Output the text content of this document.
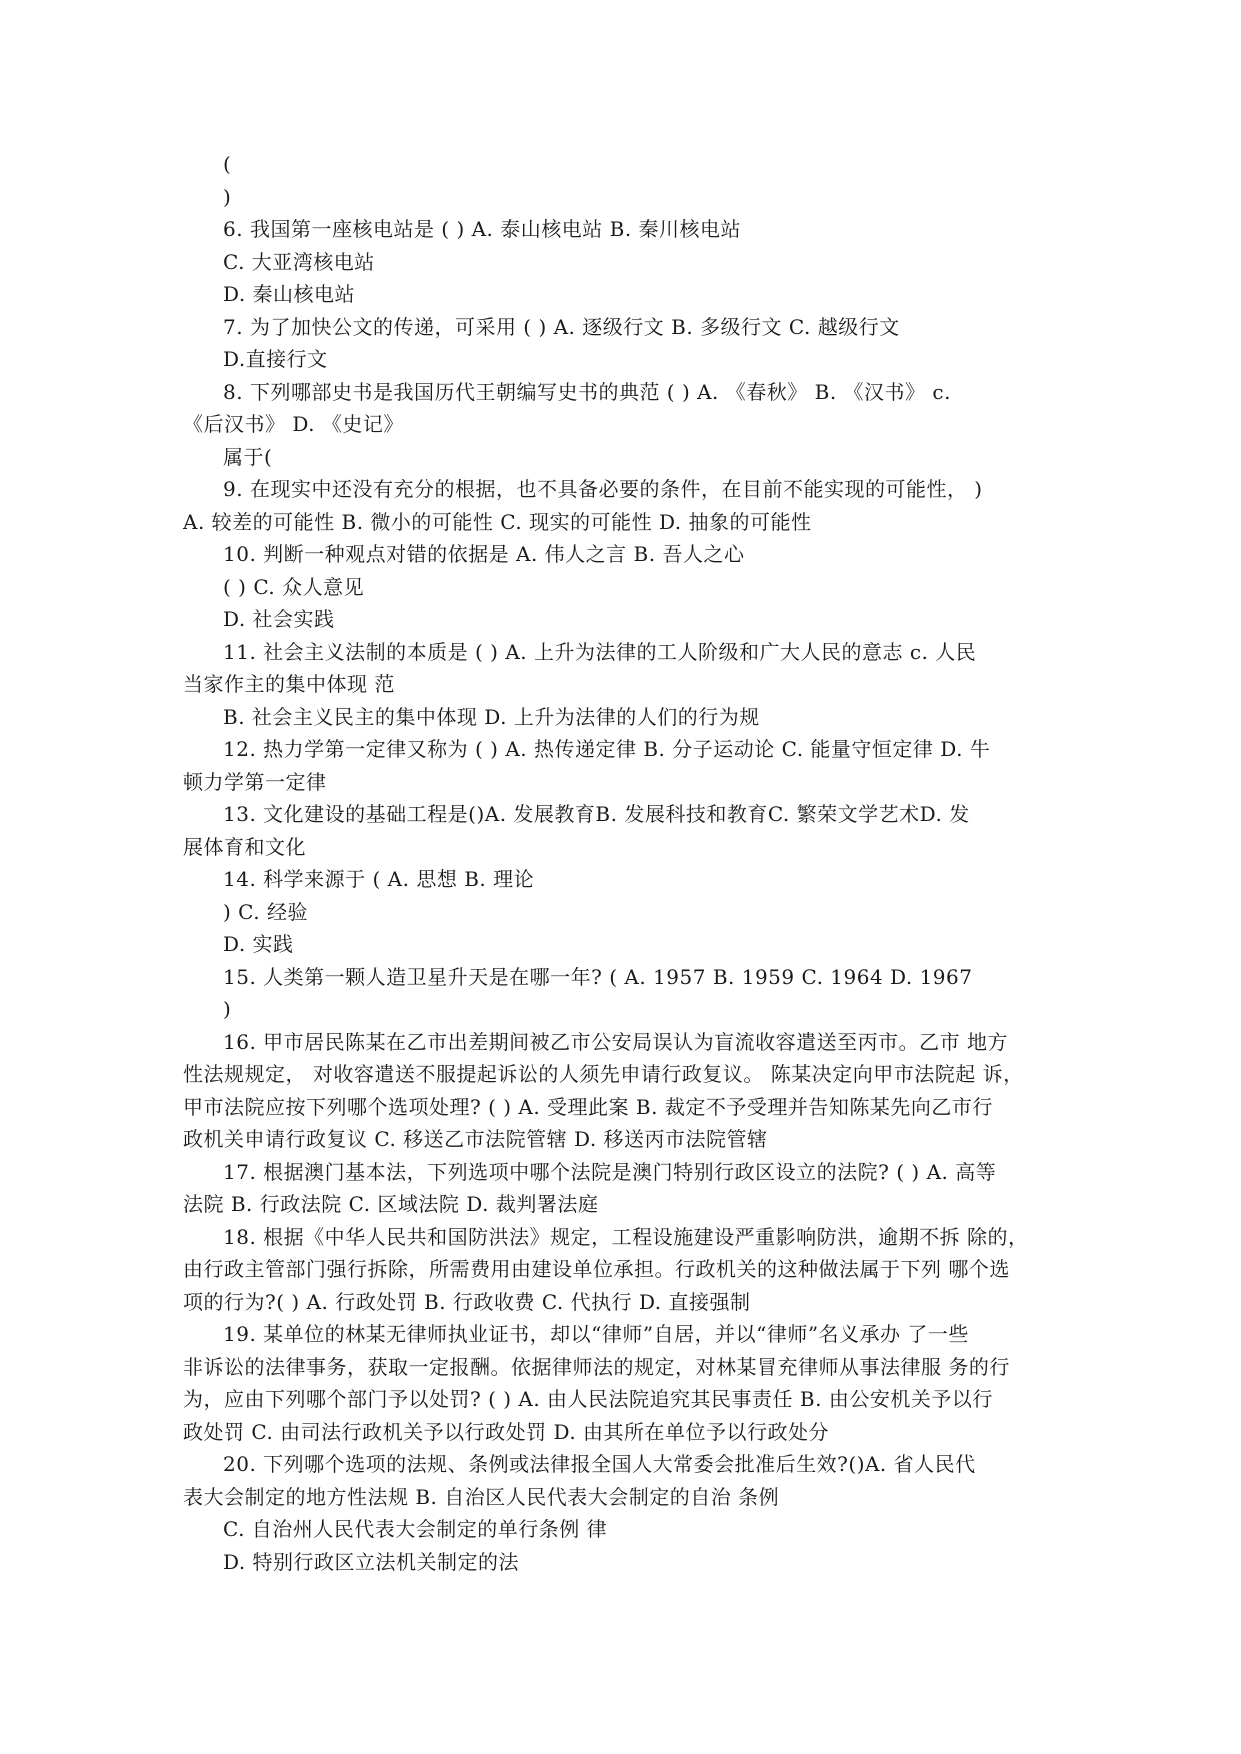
(
)
6. 我国第一座核电站是 ( ) A. 泰山核电站 B. 秦川核电站
C. 大亚湾核电站
D. 秦山核电站
7. 为了加快公文的传递，可采用 ( ) A. 逐级行文 B. 多级行文 C. 越级行文
D.直接行文
8. 下列哪部史书是我国历代王朝编写史书的典范 ( ) A. 《春秋》 B. 《汉书》 c.
《后汉书》 D. 《史记》
属于(
9. 在现实中还没有充分的根据，也不具备必要的条件，在目前不能实现的可能性， )
A. 较差的可能性 B. 微小的可能性 C. 现实的可能性 D. 抽象的可能性
10. 判断一种观点对错的依据是 A. 伟人之言 B. 吾人之心
( ) C. 众人意见
D. 社会实践
11. 社会主义法制的本质是 ( ) A. 上升为法律的工人阶级和广大人民的意志 c. 人民
当家作主的集中体现 范
B. 社会主义民主的集中体现 D. 上升为法律的人们的行为规
12. 热力学第一定律又称为 ( ) A. 热传递定律 B. 分子运动论 C. 能量守恒定律 D. 牛
顿力学第一定律
13. 文化建设的基础工程是()A. 发展教育B. 发展科技和教育C. 繁荣文学艺术D. 发
展体育和文化
14. 科学来源于 ( A. 思想 B. 理论
) C. 经验
D. 实践
15. 人类第一颗人造卫星升天是在哪一年? ( A. 1957 B. 1959 C. 1964 D. 1967
)
16. 甲市居民陈某在乙市出差期间被乙市公安局误认为盲流收容遣送至丙市。乙市 地方
性法规规定， 对收容遣送不服提起诉讼的人须先申请行政复议。 陈某决定向甲市法院起 诉，
甲市法院应按下列哪个选项处理? ( ) A. 受理此案 B. 裁定不予受理并告知陈某先向乙市行
政机关申请行政复议 C. 移送乙市法院管辖 D. 移送丙市法院管辖
17. 根据澳门基本法，下列选项中哪个法院是澳门特别行政区设立的法院? ( ) A. 高等
法院 B. 行政法院 C. 区域法院 D. 裁判署法庭
18. 根据《中华人民共和国防洪法》规定，工程设施建设严重影响防洪，逾期不拆 除的，
由行政主管部门强行拆除，所需费用由建设单位承担。行政机关的这种做法属于下列 哪个选
项的行为?( ) A. 行政处罚 B. 行政收费 C. 代执行 D. 直接强制
19. 某单位的林某无律师执业证书，却以“律师”自居，并以“律师”名义承办 了一些
非诉讼的法律事务，获取一定报酬。依据律师法的规定，对林某冒充律师从事法律服 务的行
为，应由下列哪个部门予以处罚? ( ) A. 由人民法院追究其民事责任 B. 由公安机关予以行
政处罚 C. 由司法行政机关予以行政处罚 D. 由其所在单位予以行政处分
20. 下列哪个选项的法规、条例或法律报全国人大常委会批准后生效?()A. 省人民代
表大会制定的地方性法规 B. 自治区人民代表大会制定的自治 条例
C. 自治州人民代表大会制定的单行条例 律
D. 特别行政区立法机关制定的法
